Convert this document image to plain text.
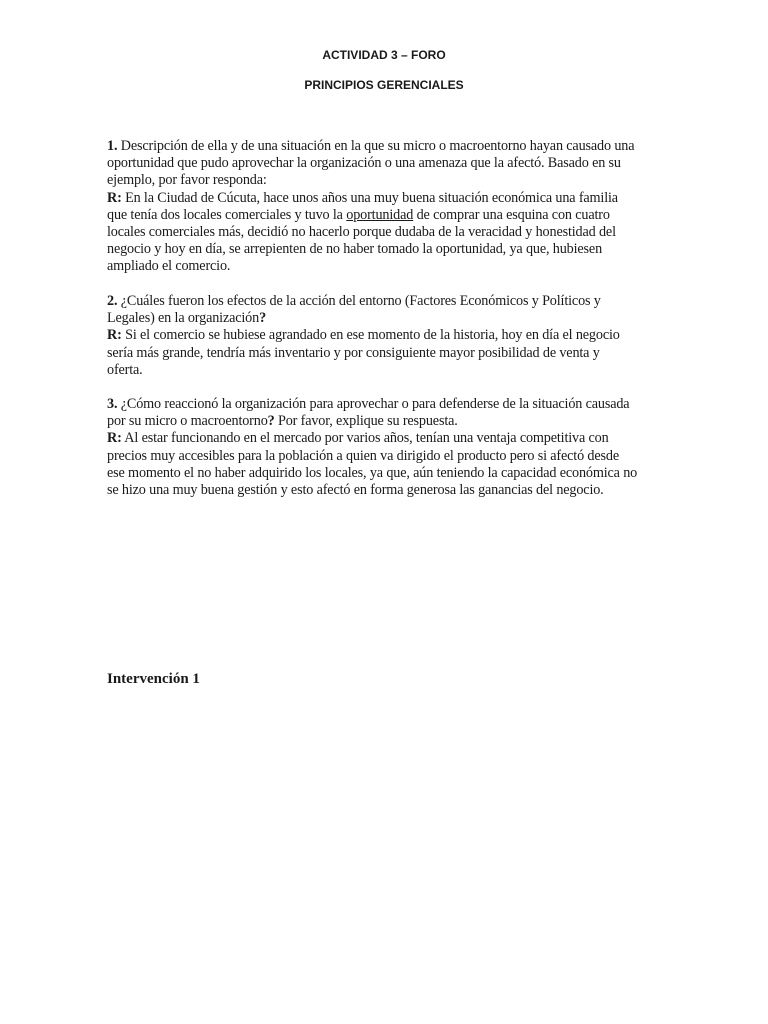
ACTIVIDAD 3 – FORO
PRINCIPIOS GERENCIALES

1. Descripción de ella y de una situación en la que su micro o macroentorno hayan causado una

oportunidad que pudo aprovechar la organización o una amenaza que la afectó. Basado en su

ejemplo, por favor responda:

R: En la Ciudad de Cúcuta, hace unos años una muy buena situación económica una familia

que tenía dos locales comerciales y tuvo la oportunidad de comprar una esquina con cuatro

locales comerciales más, decidió no hacerlo porque dudaba de la veracidad y honestidad del

negocio y hoy en día, se arrepienten de no haber tomado la oportunidad, ya que, hubiesen

ampliado el comercio.

2. ¿Cuáles fueron los efectos de la acción del entorno (Factores Económicos y Políticos y

Legales) en la organización?

R: Si el comercio se hubiese agrandado en ese momento de la historia, hoy en día el negocio

sería más grande, tendría más inventario y por consiguiente mayor posibilidad de venta y

oferta.

3. ¿Cómo reaccionó la organización para aprovechar o para defenderse de la situación causada

por su micro o macroentorno? Por favor, explique su respuesta.

R: Al estar funcionando en el mercado por varios años, tenían una ventaja competitiva con

precios muy accesibles para la población a quien va dirigido el producto pero si afectó desde

ese momento el no haber adquirido los locales, ya que, aún teniendo la capacidad económica no

se hizo una muy buena gestión y esto afectó en forma generosa las ganancias del negocio.

Intervención 1
